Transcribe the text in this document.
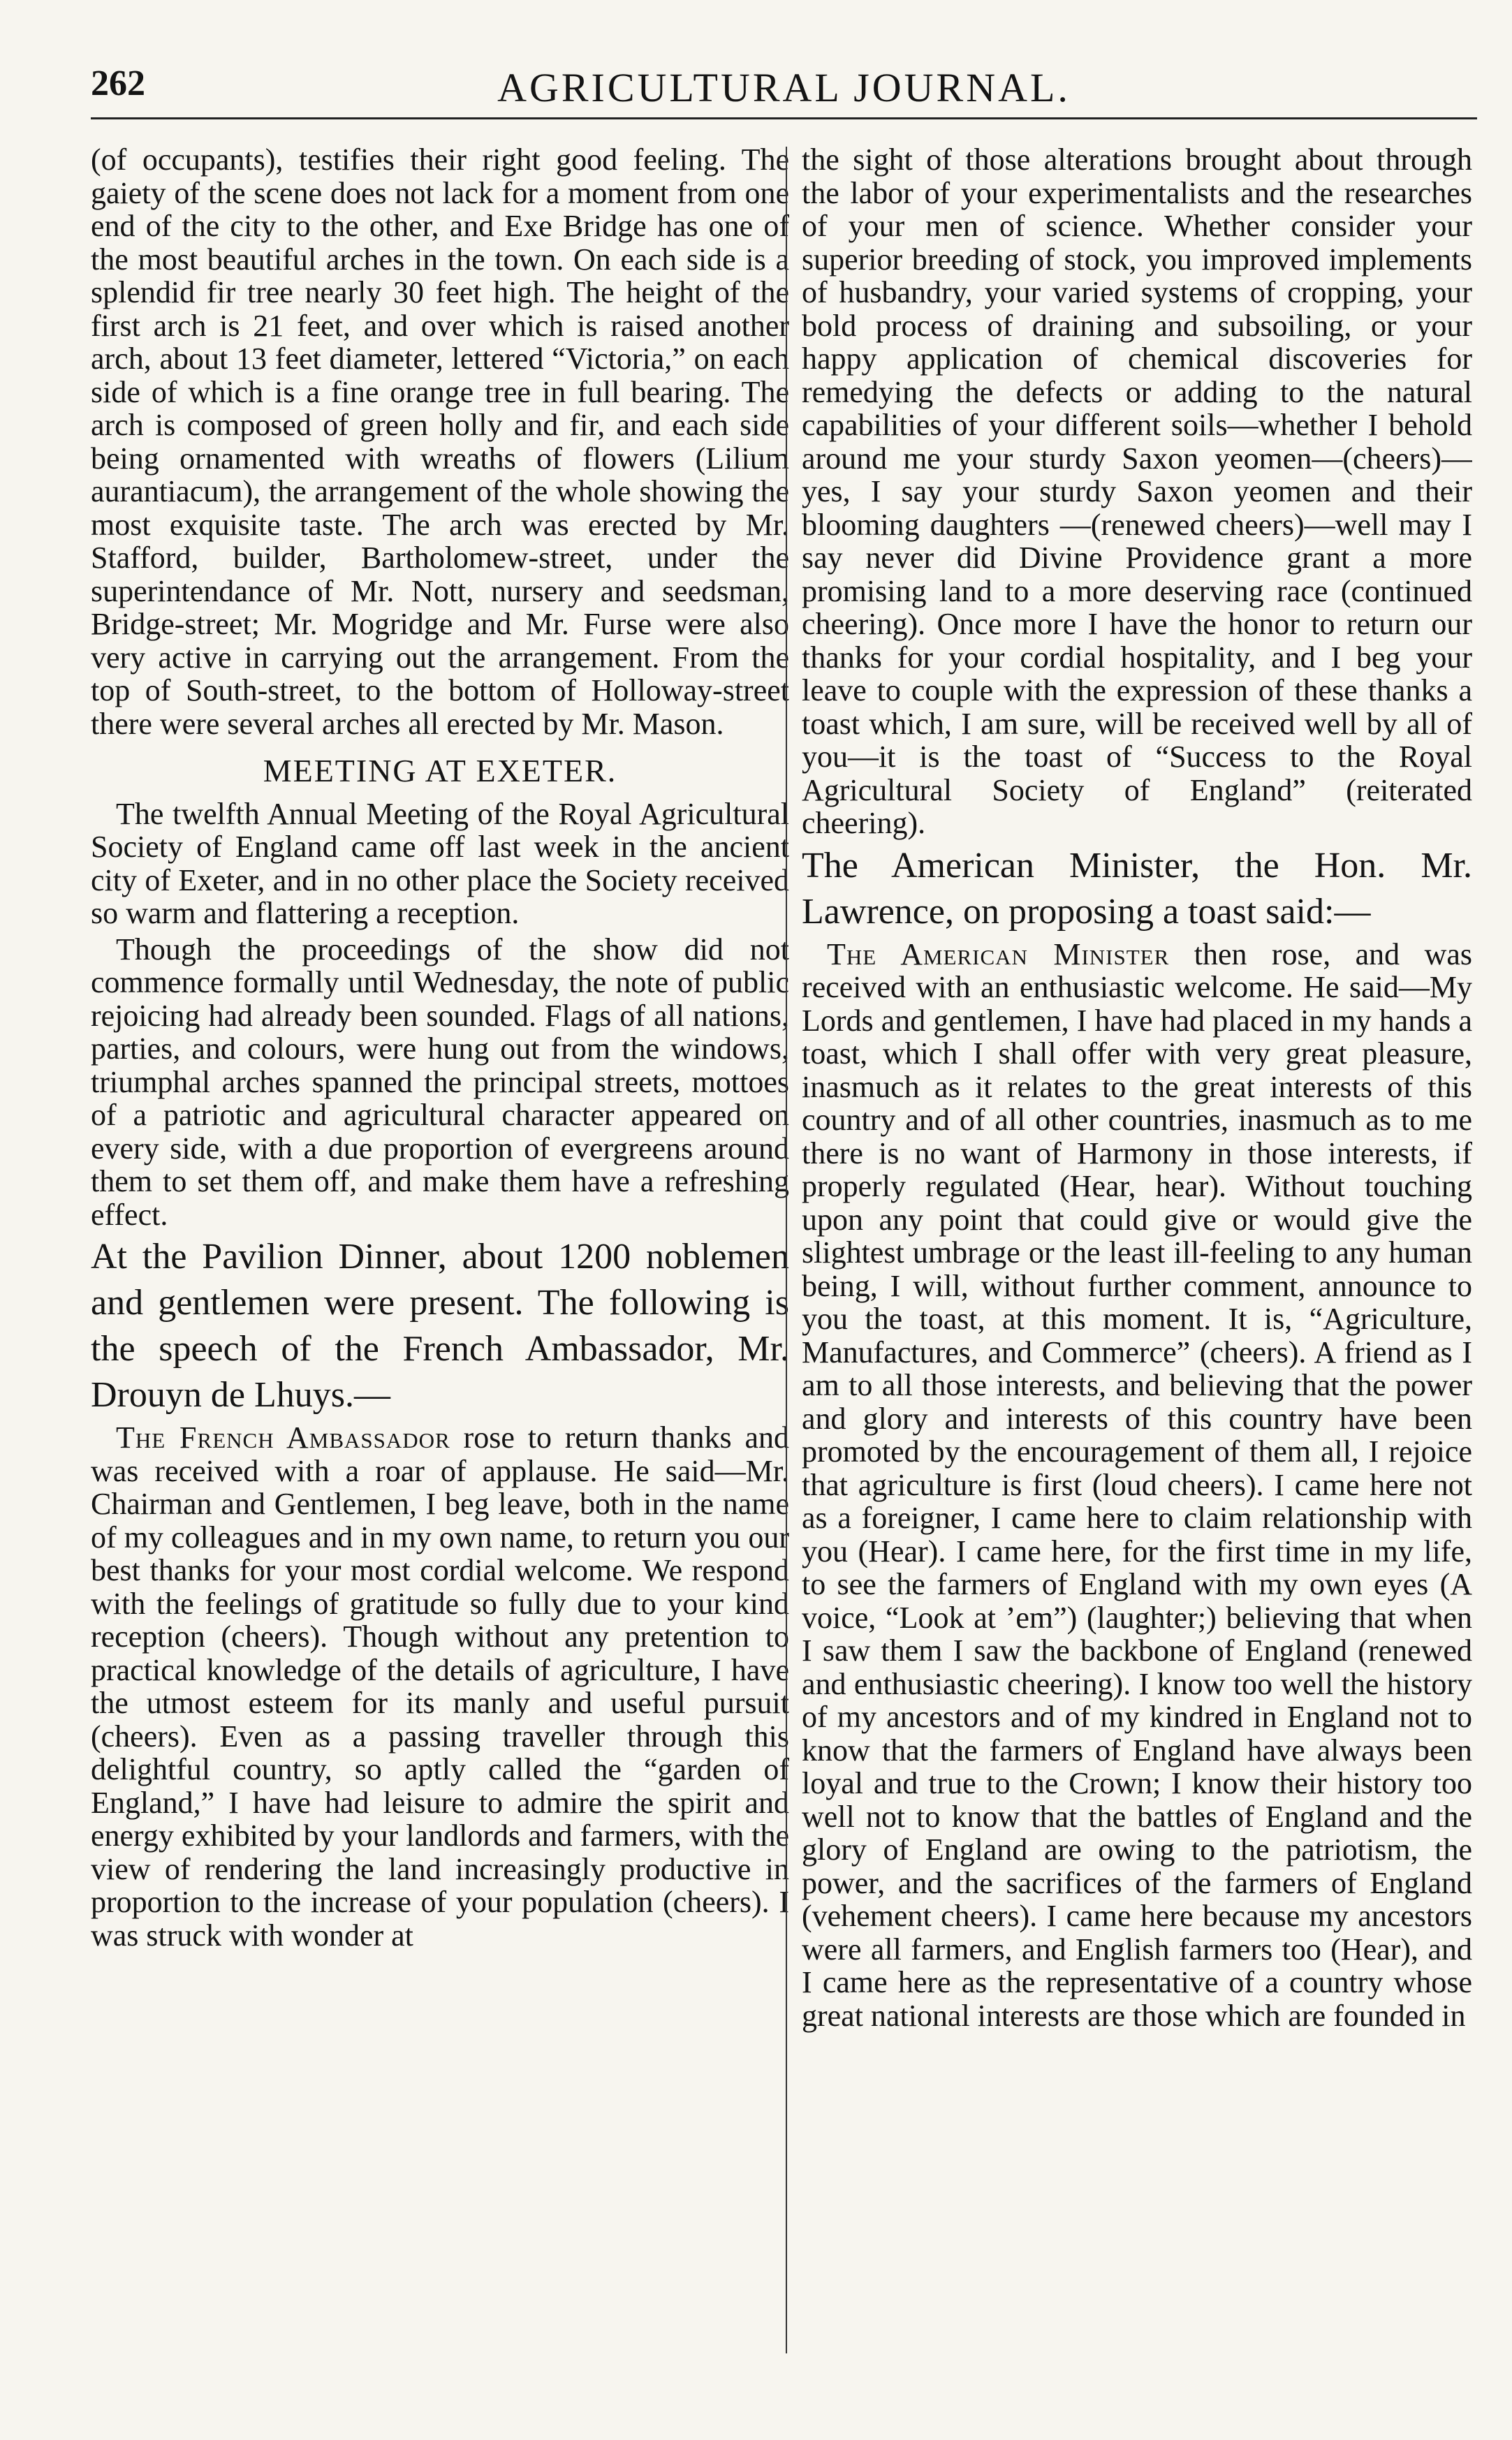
262	AGRICULTURAL JOURNAL.

(of occupants), testifies their right good feeling. The gaiety of the scene does not lack for a moment from one end of the city to the other, and Exe Bridge has one of the most beautiful arches in the town. On each side is a splendid fir tree nearly 30 feet high. The height of the first arch is 21 feet, and over which is raised another arch, about 13 feet diameter, lettered “Victoria,” on each side of which is a fine orange tree in full bearing. The arch is composed of green holly and fir, and each side being ornamented with wreaths of flowers (Lilium aurantiacum), the arrangement of the whole showing the most exquisite taste. The arch was erected by Mr. Stafford, builder, Bartholomew-street, under the superintendance of Mr. Nott, nursery and seedsman, Bridge-street; Mr. Mogridge and Mr. Furse were also very active in carrying out the arrangement. From the top of South-street, to the bottom of Holloway-street there were several arches all erected by Mr. Mason.

MEETING AT EXETER.

The twelfth Annual Meeting of the Royal Agricultural Society of England came off last week in the ancient city of Exeter, and in no other place the Society received so warm and flattering a reception.

Though the proceedings of the show did not commence formally until Wednesday, the note of public rejoicing had already been sounded. Flags of all nations, parties, and colours, were hung out from the windows, triumphal arches spanned the principal streets, mottoes of a patriotic and agricultural character appeared on every side, with a due proportion of evergreens around them to set them off, and make them have a refreshing effect.

At the Pavilion Dinner, about 1200 noblemen and gentlemen were present. The following is the speech of the French Ambassador, Mr. Drouyn de Lhuys.—

The French Ambassador rose to return thanks and was received with a roar of applause. He said—Mr. Chairman and Gentlemen, I beg leave, both in the name of my colleagues and in my own name, to return you our best thanks for your most cordial welcome. We respond with the feelings of gratitude so fully due to your kind reception (cheers). Though without any pretention to practical knowledge of the details of agriculture, I have the utmost esteem for its manly and useful pursuit (cheers). Even as a passing traveller through this delightful country, so aptly called the “garden of England,” I have had leisure to admire the spirit and energy exhibited by your landlords and farmers, with the view of rendering the land increasingly productive in proportion to the increase of your population (cheers). I was struck with wonder at

the sight of those alterations brought about through the labor of your experimentalists and the researches of your men of science. Whether consider your superior breeding of stock, you improved implements of husbandry, your varied systems of cropping, your bold process of draining and subsoiling, or your happy application of chemical discoveries for remedying the defects or adding to the natural capabilities of your different soils—whether I behold around me your sturdy Saxon yeomen—(cheers)—yes, I say your sturdy Saxon yeomen and their blooming daughters —(renewed cheers)—well may I say never did Divine Providence grant a more promising land to a more deserving race (continued cheering). Once more I have the honor to return our thanks for your cordial hospitality, and I beg your leave to couple with the expression of these thanks a toast which, I am sure, will be received well by all of you—it is the toast of “Success to the Royal Agricultural Society of England” (reiterated cheering).

The American Minister, the Hon. Mr. Lawrence, on proposing a toast said:—

The American Minister then rose, and was received with an enthusiastic welcome. He said—My Lords and gentlemen, I have had placed in my hands a toast, which I shall offer with very great pleasure, inasmuch as it relates to the great interests of this country and of all other countries, inasmuch as to me there is no want of Harmony in those interests, if properly regulated (Hear, hear). Without touching upon any point that could give or would give the slightest umbrage or the least ill-feeling to any human being, I will, without further comment, announce to you the toast, at this moment. It is, “Agriculture, Manufactures, and Commerce” (cheers). A friend as I am to all those interests, and believing that the power and glory and interests of this country have been promoted by the encouragement of them all, I rejoice that agriculture is first (loud cheers). I came here not as a foreigner, I came here to claim relationship with you (Hear). I came here, for the first time in my life, to see the farmers of England with my own eyes (A voice, “Look at ’em”) (laughter;) believing that when I saw them I saw the backbone of England (renewed and enthusiastic cheering). I know too well the history of my ancestors and of my kindred in England not to know that the farmers of England have always been loyal and true to the Crown; I know their history too well not to know that the battles of England and the glory of England are owing to the patriotism, the power, and the sacrifices of the farmers of England (vehement cheers). I came here because my ancestors were all farmers, and English farmers too (Hear), and I came here as the representative of a country whose great national interests are those which are founded in
